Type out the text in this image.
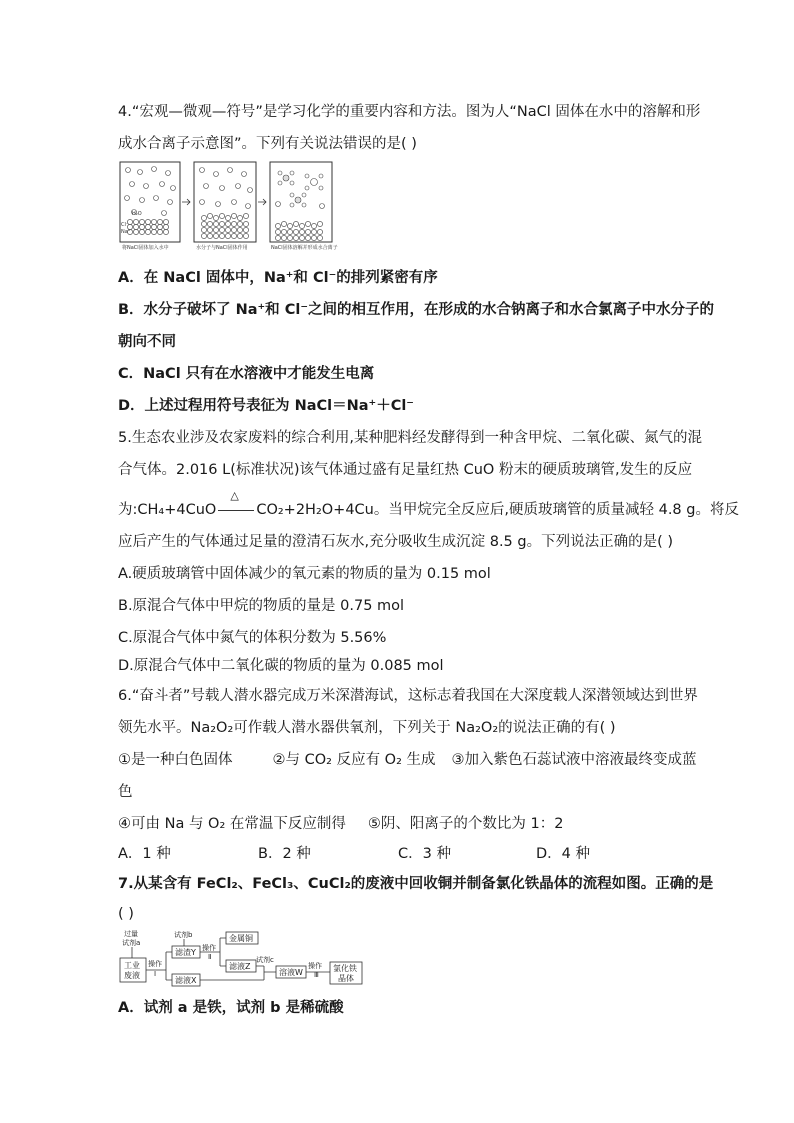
4.“宏观—微观—符号”是学习化学的重要内容和方法。图为人“NaCl 固体在水中的溶解和形
成水合离子示意图”。下列有关说法错误的是( )
H₂O
Cl⁻
Na⁺
将NaCl固体加入水中	水分子与NaCl固体作用	NaCl固体溶解并形成水合离子
A．在 NaCl 固体中，Na⁺和 Cl⁻的排列紧密有序
B．水分子破坏了 Na⁺和 Cl⁻之间的相互作用，在形成的水合钠离子和水合氯离子中水分子的
朝向不同
C．NaCl 只有在水溶液中才能发生电离
D．上述过程用符号表征为 NaCl＝Na⁺＋Cl⁻
5.生态农业涉及农家废料的综合利用,某种肥料经发酵得到一种含甲烷、二氧化碳、氮气的混
合气体。2.016 L(标准状况)该气体通过盛有足量红热 CuO 粉末的硬质玻璃管,发生的反应
为:CH₄+4CuO
△
CO₂+2H₂O+4Cu。当甲烷完全反应后,硬质玻璃管的质量减轻 4.8 g。将反
应后产生的气体通过足量的澄清石灰水,充分吸收生成沉淀 8.5 g。下列说法正确的是( )
A.硬质玻璃管中固体减少的氧元素的物质的量为 0.15 mol
B.原混合气体中甲烷的物质的量是 0.75 mol
C.原混合气体中氮气的体积分数为 5.56%
D.原混合气体中二氧化碳的物质的量为 0.085 mol
6.“奋斗者”号载人潜水器完成万米深潜海试，这标志着我国在大深度载人深潜领域达到世界
领先水平。Na₂O₂可作载人潜水器供氧剂，下列关于 Na₂O₂的说法正确的有( )
①是一种白色固体	②与 CO₂ 反应有 O₂ 生成 ③加入紫色石蕊试液中溶液最终变成蓝
色
④可由 Na 与 O₂ 在常温下反应制得 ⑤阴、阳离子的个数比为 1：2
A．1 种	B．2 种	C．3 种	D．4 种
7.从某含有 FeCl₂、FeCl₃、CuCl₂的废液中回收铜并制备氯化铁晶体的流程如图。正确的是
( )
过量
试剂a
工业
废液
操作
Ⅰ
滤渣Y
滤液X
试剂b
操作
Ⅱ
金属铜
滤液Z
试剂c
溶液W
操作
Ⅲ
氯化铁
晶体
A．试剂 a 是铁，试剂 b 是稀硫酸
